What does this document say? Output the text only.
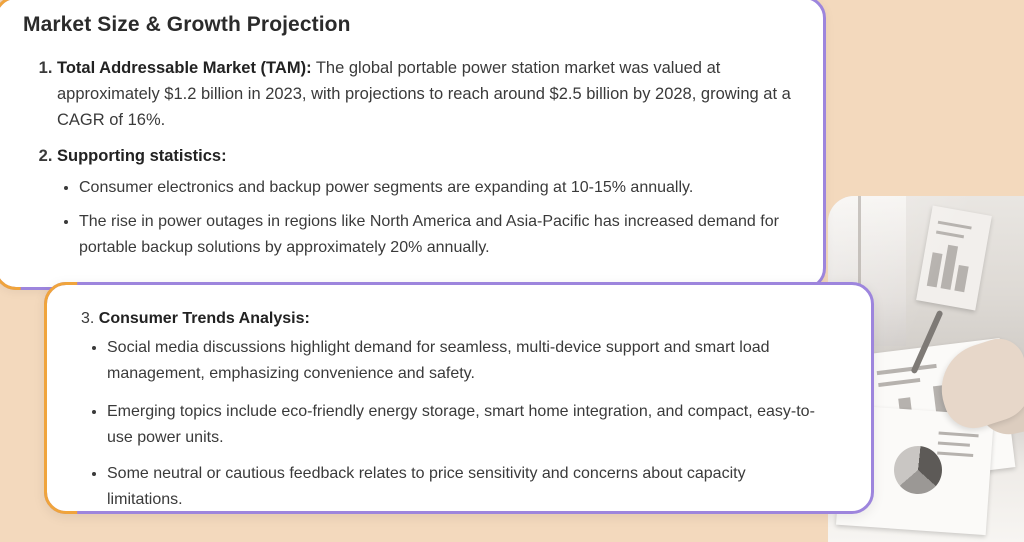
Market Size & Growth Projection
1. Total Addressable Market (TAM): The global portable power station market was valued at approximately $1.2 billion in 2023, with projections to reach around $2.5 billion by 2028, growing at a CAGR of 16%.
2. Supporting statistics:
• Consumer electronics and backup power segments are expanding at 10-15% annually.
• The rise in power outages in regions like North America and Asia-Pacific has increased demand for portable backup solutions by approximately 20% annually.
3. Consumer Trends Analysis:
• Social media discussions highlight demand for seamless, multi-device support and smart load management, emphasizing convenience and safety.
• Emerging topics include eco-friendly energy storage, smart home integration, and compact, easy-to-use power units.
• Some neutral or cautious feedback relates to price sensitivity and concerns about capacity limitations.
